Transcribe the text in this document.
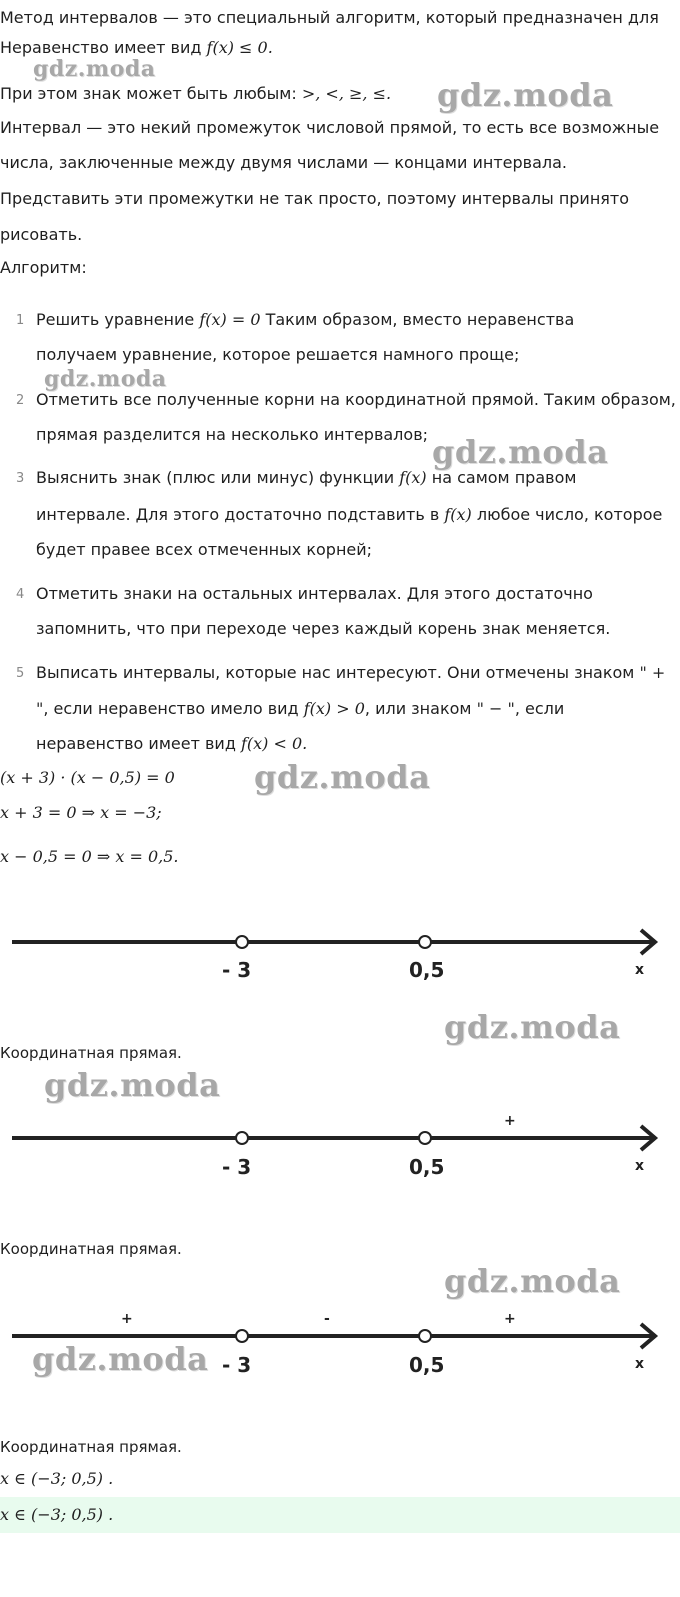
Метод интервалов — это специальный алгоритм, который предназначен для
Неравенство имеет вид f(x) ≤ 0.
При этом знак может быть любым: >, <, ≥, ≤.
Интервал — это некий промежуток числовой прямой, то есть все возможные
числа, заключенные между двумя числами — концами интервала.
Представить эти промежутки не так просто, поэтому интервалы принято
рисовать.
Алгоритм:
1 Решить уравнение f(x) = 0 Таким образом, вместо неравенства
получаем уравнение, которое решается намного проще;
2 Отметить все полученные корни на координатной прямой. Таким образом,
прямая разделится на несколько интервалов;
3 Выяснить знак (плюс или минус) функции f(x) на самом правом
интервале. Для этого достаточно подставить в f(x) любое число, которое
будет правее всех отмеченных корней;
4 Отметить знаки на остальных интервалах. Для этого достаточно
запомнить, что при переходе через каждый корень знак меняется.
5 Выписать интервалы, которые нас интересуют. Они отмечены знаком " +
", если неравенство имело вид f(x) > 0, или знаком " − ", если
неравенство имеет вид f(x) < 0.
(x + 3) · (x − 0,5) = 0
x + 3 = 0 ⇒ x = −3;
x − 0,5 = 0 ⇒ x = 0,5.
- 3	0,5	x
Координатная прямая.
+
- 3	0,5	x
Координатная прямая.
+	-	+
- 3	0,5	x
Координатная прямая.
x ∈ (−3; 0,5) .
x ∈ (−3; 0,5) .
gdz.moda
gdz.moda
gdz.moda
gdz.moda
gdz.moda
gdz.moda
gdz.moda
gdz.moda
gdz.moda
